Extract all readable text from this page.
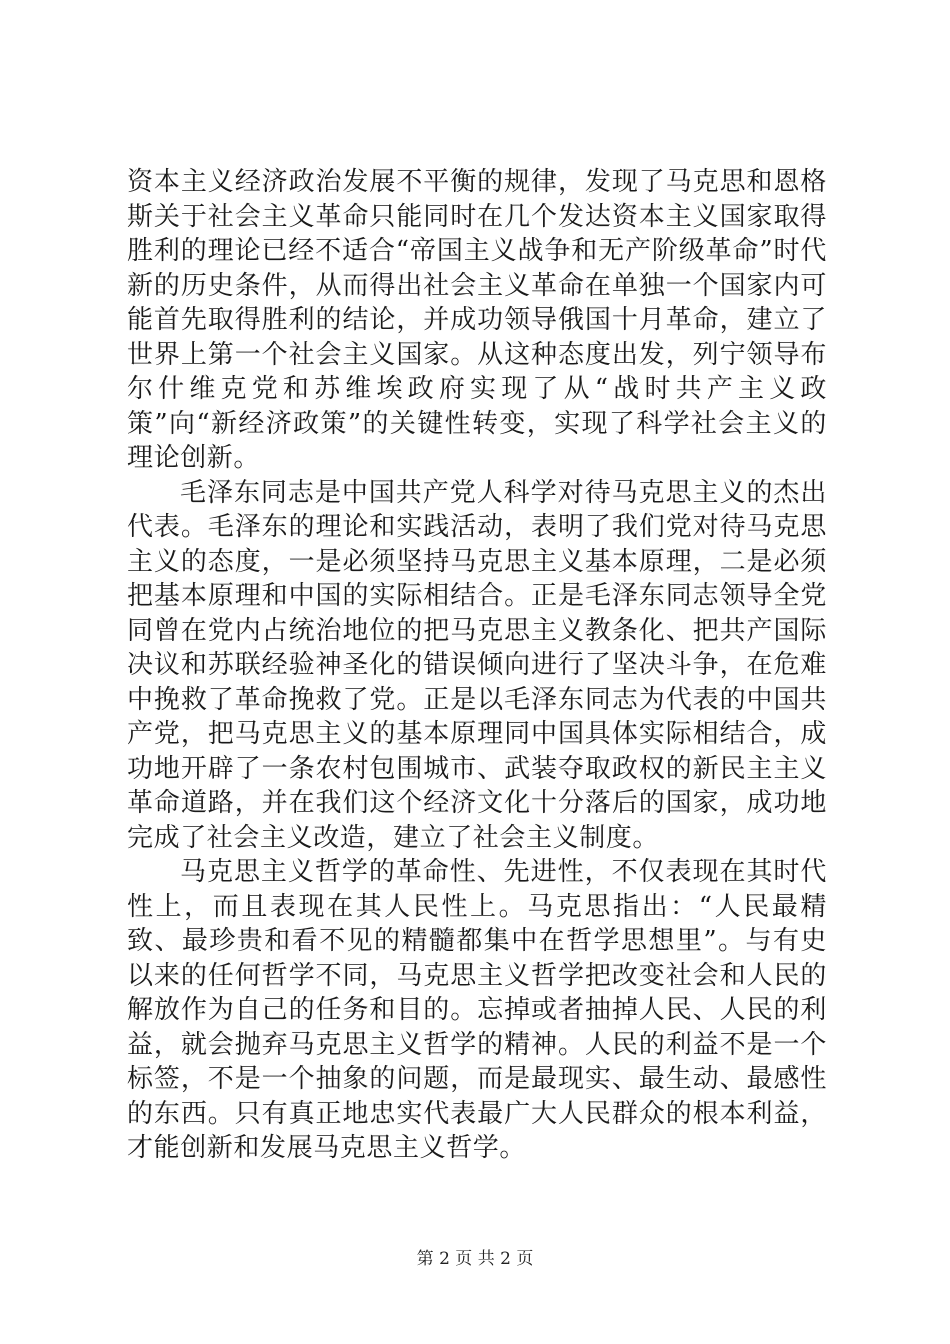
资本主义经济政治发展不平衡的规律，发现了马克思和恩格斯关于社会主义革命只能同时在几个发达资本主义国家取得胜利的理论已经不适合“帝国主义战争和无产阶级革命”时代新的历史条件，从而得出社会主义革命在单独一个国家内可能首先取得胜利的结论，并成功领导俄国十月革命，建立了世界上第一个社会主义国家。从这种态度出发，列宁领导布尔什维克党和苏维埃政府实现了从“战时共产主义政策”向“新经济政策”的关键性转变，实现了科学社会主义的理论创新。

毛泽东同志是中国共产党人科学对待马克思主义的杰出代表。毛泽东的理论和实践活动，表明了我们党对待马克思主义的态度，一是必须坚持马克思主义基本原理，二是必须把基本原理和中国的实际相结合。正是毛泽东同志领导全党同曾在党内占统治地位的把马克思主义教条化、把共产国际决议和苏联经验神圣化的错误倾向进行了坚决斗争，在危难中挽救了革命挽救了党。正是以毛泽东同志为代表的中国共产党，把马克思主义的基本原理同中国具体实际相结合，成功地开辟了一条农村包围城市、武装夺取政权的新民主主义革命道路，并在我们这个经济文化十分落后的国家，成功地完成了社会主义改造，建立了社会主义制度。

马克思主义哲学的革命性、先进性，不仅表现在其时代性上，而且表现在其人民性上。马克思指出：“人民最精致、最珍贵和看不见的精髓都集中在哲学思想里”。与有史以来的任何哲学不同，马克思主义哲学把改变社会和人民的解放作为自己的任务和目的。忘掉或者抽掉人民、人民的利益，就会抛弃马克思主义哲学的精神。人民的利益不是一个标签，不是一个抽象的问题，而是最现实、最生动、最感性的东西。只有真正地忠实代表最广大人民群众的根本利益，才能创新和发展马克思主义哲学。

第 2 页 共 2 页
